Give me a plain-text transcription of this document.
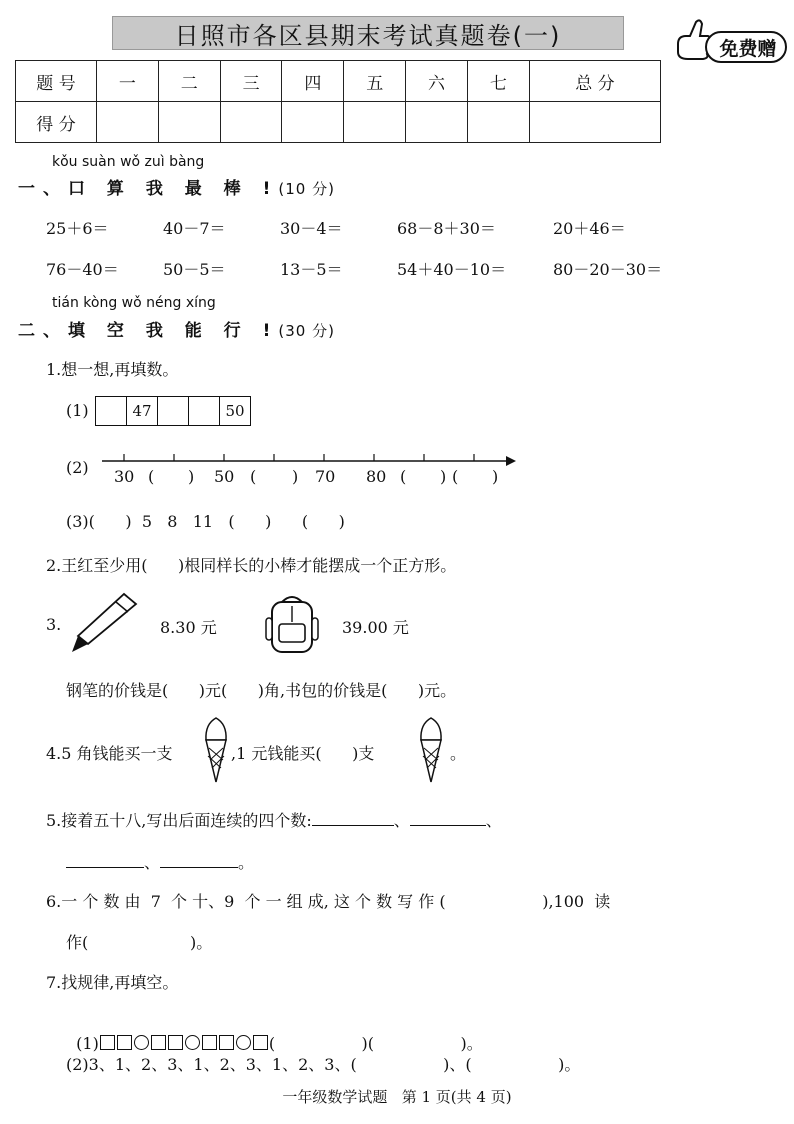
日照市各区县期末考试真题卷(一)	免费赠
题 号	一	二	三	四	五	六	七	总 分
得 分								
kǒu suàn wǒ zuì bàng
一、口 算 我 最 棒 !(10 分)
25＋6＝	40－7＝	30－4＝	68－8＋30＝	20＋46＝
76－40＝	50－5＝	13－5＝	54＋40－10＝	80－20－30＝
tián kòng wǒ néng xíng
二、填 空 我 能 行 !(30 分)
1.想一想,再填数。
(1)	47	50
(2) 30 ( ) 50 ( ) 70 80 ( ) ( )
(3)(      )  5   8   11   (      )      (      )
2.王红至少用(      )根同样长的小棒才能摆成一个正方形。
3.	8.30 元	39.00 元
钢笔的价钱是(      )元(      )角,书包的价钱是(      )元。
4.5 角钱能买一支	,1 元钱能买(      )支	。
5.接着五十八,写出后面连续的四个数:	、	、
、	。
6.一 个 数 由  7  个 十、9  个 一 组 成, 这 个 数 写 作 (                   ),100  读
作(                    )。
7.找规律,再填空。

(1)	(                 )(                 )。

(2)3、1、2、3、1、2、3、1、2、3、(                 )、(                 )。
一年级数学试题   第 1 页(共 4 页)
